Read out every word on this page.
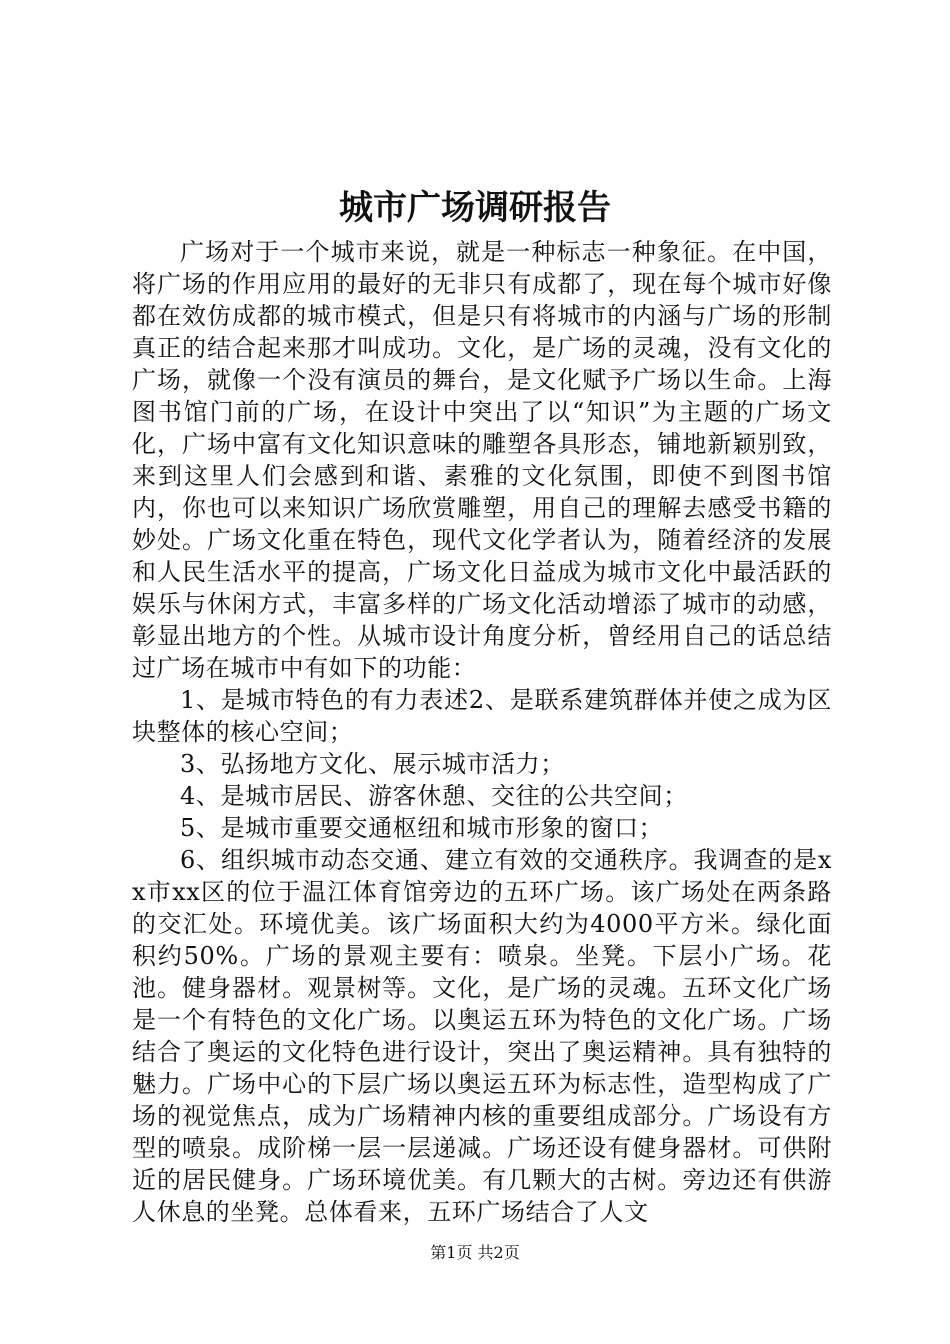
城市广场调研报告

广场对于一个城市来说，就是一种标志一种象征。在中国，将广场的作用应用的最好的无非只有成都了，现在每个城市好像都在效仿成都的城市模式，但是只有将城市的内涵与广场的形制真正的结合起来那才叫成功。文化，是广场的灵魂，没有文化的广场，就像一个没有演员的舞台，是文化赋予广场以生命。上海图书馆门前的广场，在设计中突出了以“知识”为主题的广场文化，广场中富有文化知识意味的雕塑各具形态，铺地新颖别致，来到这里人们会感到和谐、素雅的文化氛围，即使不到图书馆内，你也可以来知识广场欣赏雕塑，用自己的理解去感受书籍的妙处。广场文化重在特色，现代文化学者认为，随着经济的发展和人民生活水平的提高，广场文化日益成为城市文化中最活跃的娱乐与休闲方式，丰富多样的广场文化活动增添了城市的动感，彰显出地方的个性。从城市设计角度分析，曾经用自己的话总结过广场在城市中有如下的功能：

1、是城市特色的有力表述2、是联系建筑群体并使之成为区块整体的核心空间；

3、弘扬地方文化、展示城市活力；

4、是城市居民、游客休憩、交往的公共空间；

5、是城市重要交通枢纽和城市形象的窗口；

6、组织城市动态交通、建立有效的交通秩序。我调查的是xx市xx区的位于温江体育馆旁边的五环广场。该广场处在两条路的交汇处。环境优美。该广场面积大约为4000平方米。绿化面积约50%。广场的景观主要有：喷泉。坐凳。下层小广场。花池。健身器材。观景树等。文化，是广场的灵魂。五环文化广场是一个有特色的文化广场。以奥运五环为特色的文化广场。广场结合了奥运的文化特色进行设计，突出了奥运精神。具有独特的魅力。广场中心的下层广场以奥运五环为标志性，造型构成了广场的视觉焦点，成为广场精神内核的重要组成部分。广场设有方型的喷泉。成阶梯一层一层递减。广场还设有健身器材。可供附近的居民健身。广场环境优美。有几颗大的古树。旁边还有供游人休息的坐凳。总体看来，五环广场结合了人文

第1页 共2页
